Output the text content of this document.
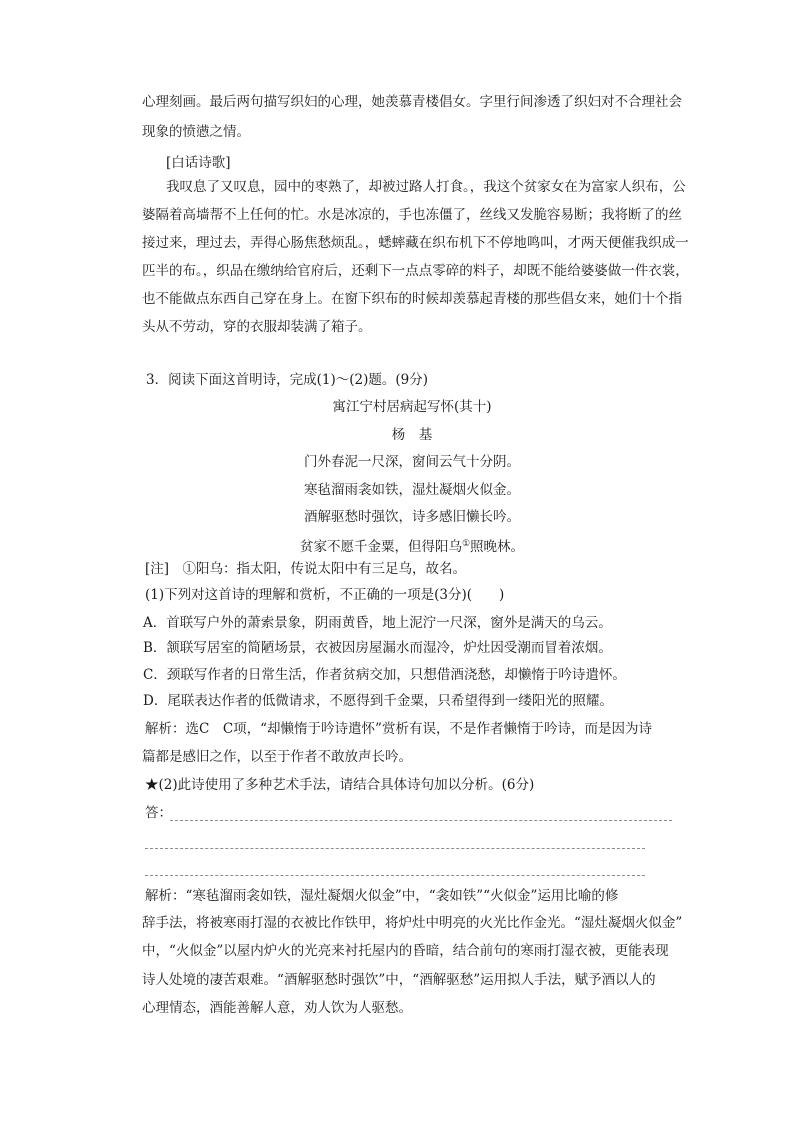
心理刻画。最后两句描写织妇的心理，她羡慕青楼倡女。字里行间渗透了织妇对不合理社会
现象的愤懑之情。
[白话诗歌]
我叹息了又叹息，园中的枣熟了，却被过路人打食。，我这个贫家女在为富家人织布，公
婆隔着高墙帮不上任何的忙。水是冰凉的，手也冻僵了，丝线又发脆容易断；我将断了的丝
接过来，理过去，弄得心肠焦愁烦乱。，蟋蟀藏在织布机下不停地鸣叫，才两天便催我织成一
匹半的布。，织品在缴纳给官府后，还剩下一点点零碎的料子，却既不能给婆婆做一件衣裳，
也不能做点东西自己穿在身上。在窗下织布的时候却羡慕起青楼的那些倡女来，她们十个指
头从不劳动，穿的衣服却装满了箱子。
3．阅读下面这首明诗，完成(1)～(2)题。(9分)
寓江宁村居病起写怀(其十)
杨　基
门外春泥一尺深，窗间云气十分阴。
寒毡溜雨衾如铁，湿灶凝烟火似金。
酒解驱愁时强饮，诗多感旧懒长吟。
贫家不愿千金粟，但得阳乌①照晚林。
[注]　①阳乌：指太阳，传说太阳中有三足乌，故名。
(1)下列对这首诗的理解和赏析，不正确的一项是(3分)(　　)
A．首联写户外的萧索景象，阴雨黄昏，地上泥泞一尺深，窗外是满天的乌云。
B．颔联写居室的简陋场景，衣被因房屋漏水而湿冷，炉灶因受潮而冒着浓烟。
C．颈联写作者的日常生活，作者贫病交加，只想借酒浇愁，却懒惰于吟诗遣怀。
D．尾联表达作者的低微请求，不愿得到千金粟，只希望得到一缕阳光的照耀。
解析：选C　C项，“却懒惰于吟诗遣怀”赏析有误，不是作者懒惰于吟诗，而是因为诗
篇都是感旧之作，以至于作者不敢放声长吟。
★(2)此诗使用了多种艺术手法，请结合具体诗句加以分析。(6分)
答：
解析：“寒毡溜雨衾如铁，湿灶凝烟火似金”中，“衾如铁”“火似金”运用比喻的修
辞手法，将被寒雨打湿的衣被比作铁甲，将炉灶中明亮的火光比作金光。“湿灶凝烟火似金”
中，“火似金”以屋内炉火的光亮来衬托屋内的昏暗，结合前句的寒雨打湿衣被，更能表现
诗人处境的凄苦艰难。“酒解驱愁时强饮”中，“酒解驱愁”运用拟人手法，赋予酒以人的
心理情态，酒能善解人意，劝人饮为人驱愁。
